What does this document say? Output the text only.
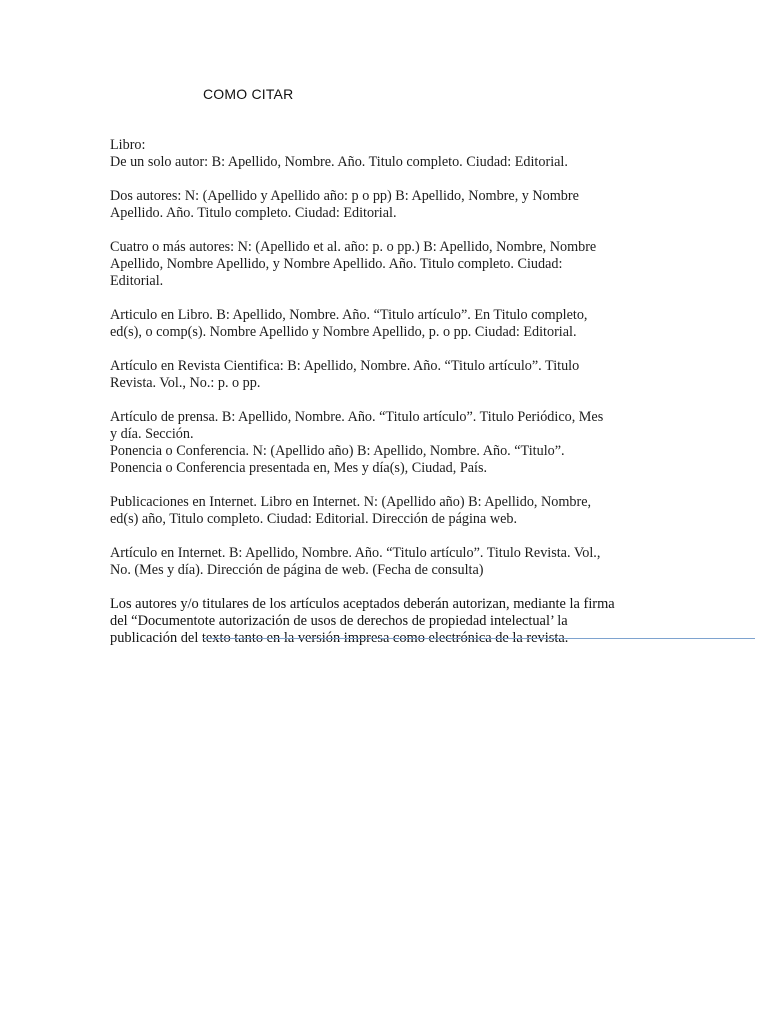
COMO CITAR
Libro:
De un solo autor: B: Apellido, Nombre. Año. Titulo completo. Ciudad: Editorial.
Dos autores: N: (Apellido y Apellido año: p o pp) B: Apellido, Nombre, y Nombre
Apellido. Año. Titulo completo. Ciudad: Editorial.
Cuatro o más autores: N: (Apellido et al. año: p. o pp.) B: Apellido, Nombre, Nombre
Apellido, Nombre Apellido, y Nombre Apellido. Año. Titulo completo. Ciudad:
Editorial.
Articulo en Libro. B: Apellido, Nombre. Año. “Titulo artículo”. En Titulo completo,
ed(s), o comp(s). Nombre Apellido y Nombre Apellido, p. o pp. Ciudad: Editorial.
Artículo en Revista Cientifica: B: Apellido, Nombre. Año. “Titulo artículo”. Titulo
Revista. Vol., No.: p. o pp.
Artículo de prensa. B: Apellido, Nombre. Año. “Titulo artículo”. Titulo Periódico, Mes
y día. Sección.
Ponencia o Conferencia. N: (Apellido año) B: Apellido, Nombre. Año. “Titulo”.
Ponencia o Conferencia presentada en, Mes y día(s), Ciudad, País.
Publicaciones en Internet. Libro en Internet. N: (Apellido año) B: Apellido, Nombre,
ed(s) año, Titulo completo. Ciudad: Editorial. Dirección de página web.
Artículo en Internet. B: Apellido, Nombre. Año. “Titulo artículo”. Titulo Revista. Vol.,
No. (Mes y día). Dirección de página de web. (Fecha de consulta)
Los autores y/o titulares de los artículos aceptados deberán autorizan, mediante la firma
del “Documentote autorización de usos de derechos de propiedad intelectual’ la
publicación del texto tanto en la versión impresa como electrónica de la revista.
